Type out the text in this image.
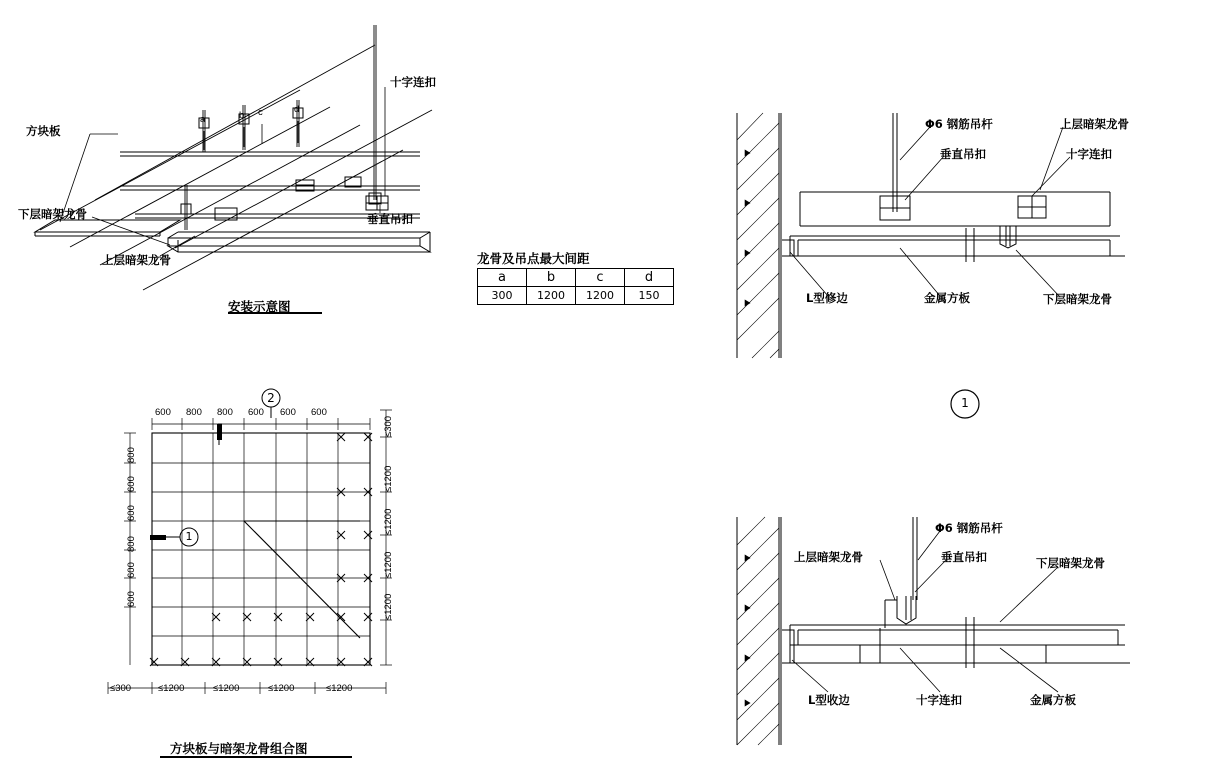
十字连扣
方块板
下层暗架龙骨
上层暗架龙骨
垂直吊扣
a	b c	d
安装示意图
龙骨及吊点最大间距
a	b	c	d
300	1200	1200	150
Φ6 钢筋吊杆	上层暗架龙骨
垂直吊扣	十字连扣
L型修边	金属方板	下层暗架龙骨
1
Φ6 钢筋吊杆
上层暗架龙骨	垂直吊扣	下层暗架龙骨
L型收边	十字连扣	金属方板
2
1
600 800 800 600 600 600
800
600
600
800
600
600
≤300
≤1200
≤1200
≤1200
≤1200
≤300	≤1200	≤1200	≤1200	≤1200
方块板与暗架龙骨组合图
